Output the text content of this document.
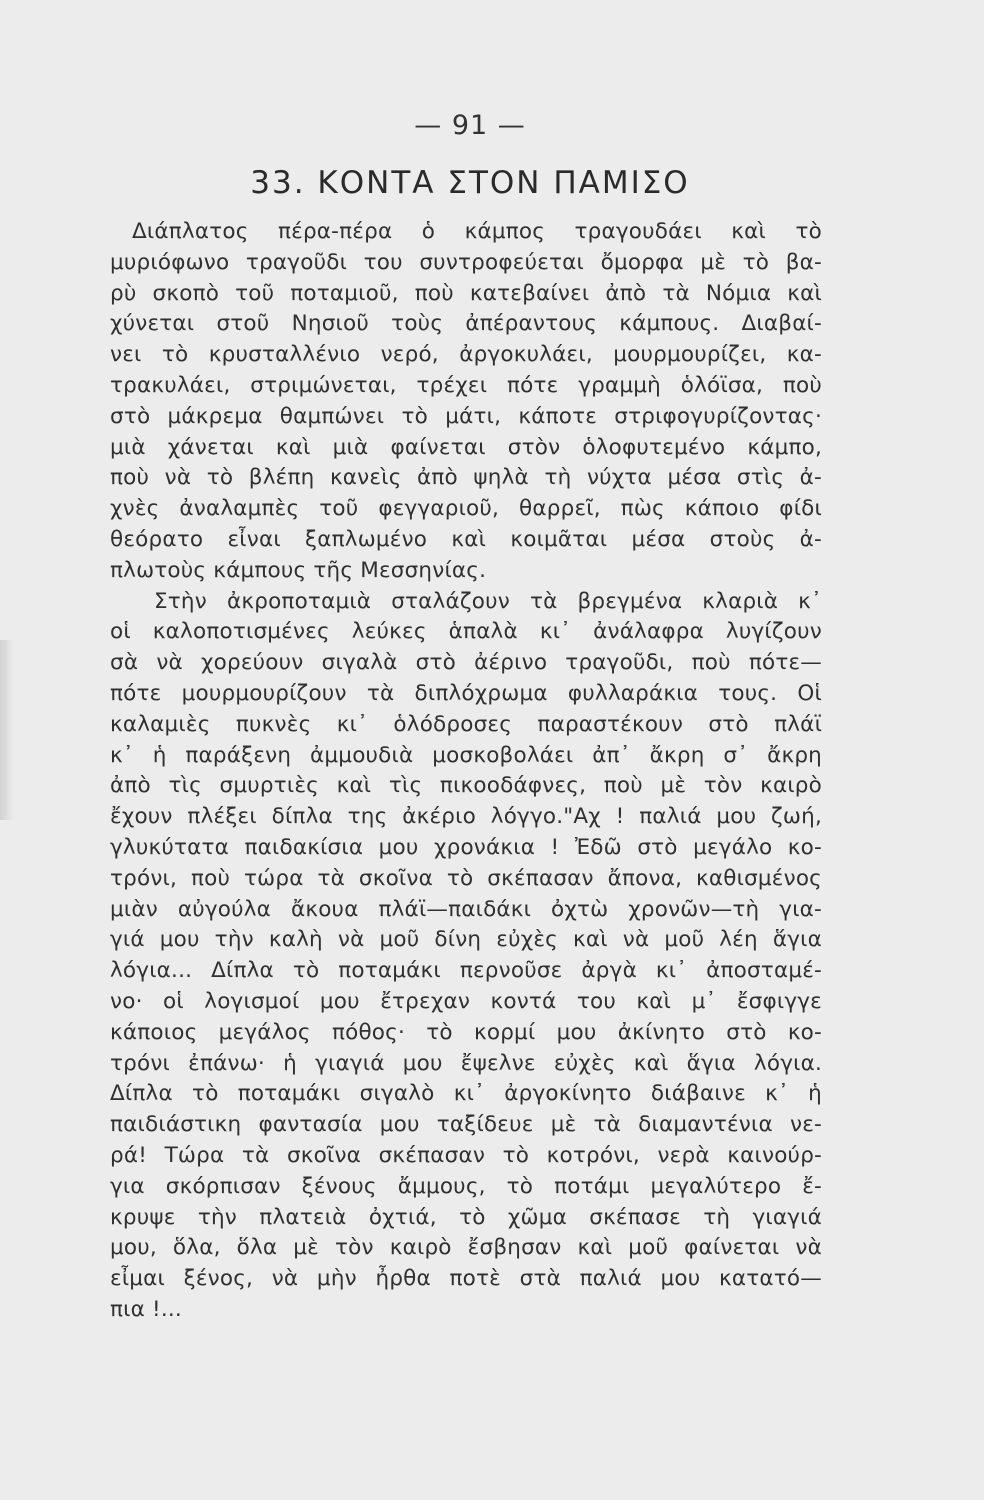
— 91 —
33. ΚΟΝΤΑ ΣΤΟΝ ΠΑΜΙΣΟ
Διάπλατος πέρα-πέρα ὁ κάμπος τραγουδάει καὶ τὸ
μυριόφωνο τραγοῦδι του συντροφεύεται ὄμορφα μὲ τὸ βα-
ρὺ σκοπὸ τοῦ ποταμιοῦ, ποὺ κατεβαίνει ἀπὸ τὰ Νόμια καὶ
χύνεται στοῦ Νησιοῦ τοὺς ἀπέραντους κάμπους. Διαβαί-
νει τὸ κρυσταλλένιο νερό, ἀργοκυλάει, μουρμουρίζει, κα-
τρακυλάει, στριμώνεται, τρέχει πότε γραμμὴ ὁλόϊσα, ποὺ
στὸ μάκρεμα θαμπώνει τὸ μάτι, κάποτε στριφογυρίζοντας·
μιὰ χάνεται καὶ μιὰ φαίνεται στὸν ὁλοφυτεμένο κάμπο,
ποὺ νὰ τὸ βλέπη κανεὶς ἀπὸ ψηλὰ τὴ νύχτα μέσα στὶς ἀ-
χνὲς ἀναλαμπὲς τοῦ φεγγαριοῦ, θαρρεῖ, πὼς κάποιο φίδι
θεόρατο εἶναι ξαπλωμένο καὶ κοιμᾶται μέσα στοὺς ἀ-
πλωτοὺς κάμπους τῆς Μεσσηνίας.
Στὴν ἀκροποταμιὰ σταλάζουν τὰ βρεγμένα κλαριὰ κ᾽
οἱ καλοποτισμένες λεύκες ἁπαλὰ κι᾽ ἀνάλαφρα λυγίζουν
σὰ νὰ χορεύουν σιγαλὰ στὸ ἀέρινο τραγοῦδι, ποὺ πότε—
πότε μουρμουρίζουν τὰ διπλόχρωμα φυλλαράκια τους. Οἱ
καλαμιὲς πυκνὲς κι᾽ ὁλόδροσες παραστέκουν στὸ πλάϊ
κ᾽ ἡ παράξενη ἀμμουδιὰ μοσκοβολάει ἀπ᾽ ἄκρη σ᾽ ἄκρη
ἀπὸ τὶς σμυρτιὲς καὶ τὶς πικοοδάφνες, ποὺ μὲ τὸν καιρὸ
ἔχουν πλέξει δίπλα της ἀκέριο λόγγο."Αχ ! παλιά μου ζωή,
γλυκύτατα παιδακίσια μου χρονάκια ! Ἐδῶ στὸ μεγάλο κο-
τρόνι, ποὺ τώρα τὰ σκοῖνα τὸ σκέπασαν ἄπονα, καθισμένος
μιὰν αὐγούλα ἄκουα πλάϊ—παιδάκι ὀχτὼ χρονῶν—τὴ για-
γιά μου τὴν καλὴ νὰ μοῦ δίνη εὐχὲς καὶ νὰ μοῦ λέη ἅγια
λόγια... Δίπλα τὸ ποταμάκι περνοῦσε ἀργὰ κι᾽ ἀποσταμέ-
νο· οἱ λογισμοί μου ἔτρεχαν κοντά του καὶ μ᾽ ἔσφιγγε
κάποιος μεγάλος πόθος· τὸ κορμί μου ἀκίνητο στὸ κο-
τρόνι ἐπάνω· ἡ γιαγιά μου ἔψελνε εὐχὲς καὶ ἅγια λόγια.
Δίπλα τὸ ποταμάκι σιγαλὸ κι᾽ ἀργοκίνητο διάβαινε κ᾽ ἡ
παιδιάστικη φαντασία μου ταξίδευε μὲ τὰ διαμαντένια νε-
ρά! Τώρα τὰ σκοῖνα σκέπασαν τὸ κοτρόνι, νερὰ καινούρ-
για σκόρπισαν ξένους ἄμμους, τὸ ποτάμι μεγαλύτερο ἔ-
κρυψε τὴν πλατειὰ ὀχτιά, τὸ χῶμα σκέπασε τὴ γιαγιά
μου, ὅλα, ὅλα μὲ τὸν καιρὸ ἔσβησαν καὶ μοῦ φαίνεται νὰ
εἶμαι ξένος, νὰ μὴν ἦρθα ποτὲ στὰ παλιά μου κατατό—
πια !...
